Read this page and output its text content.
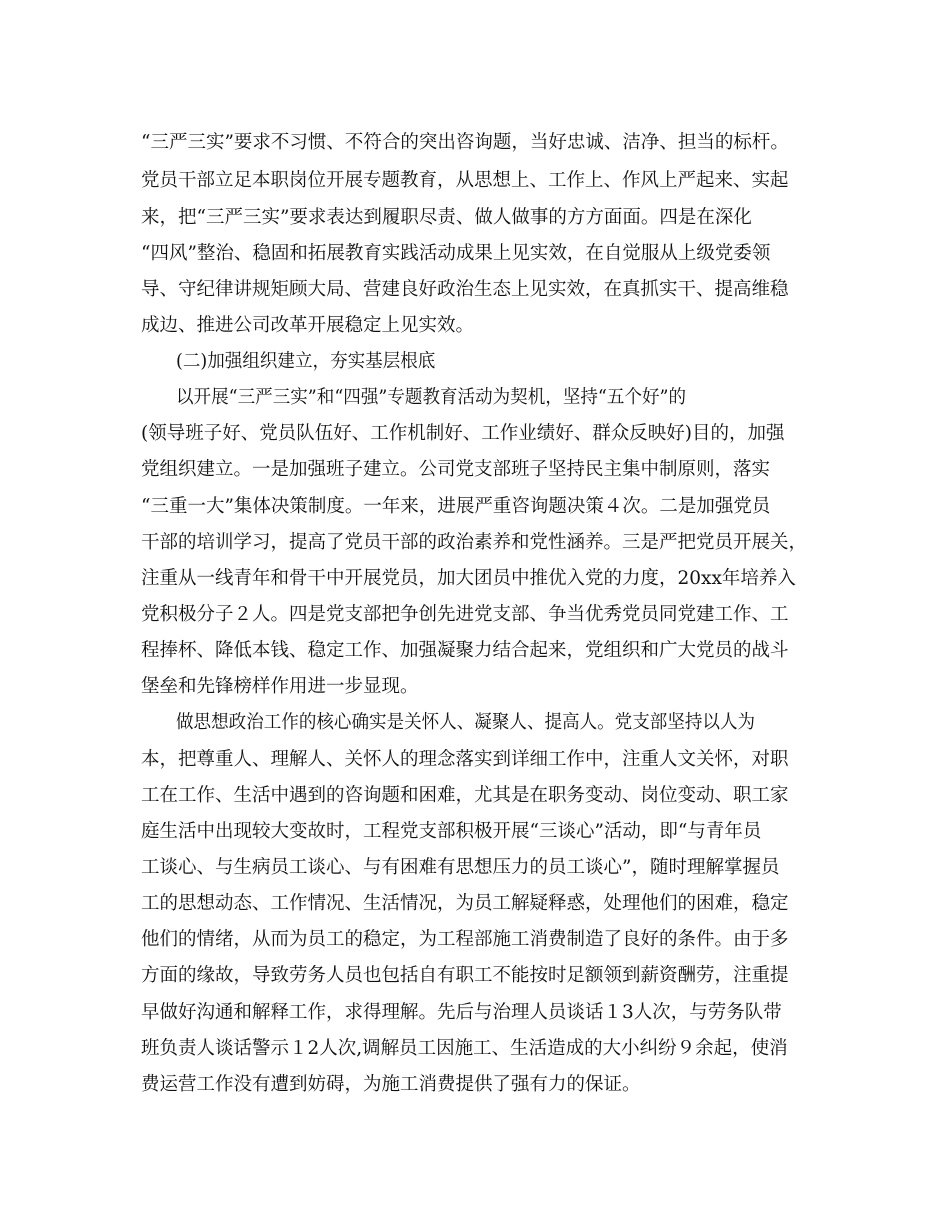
“三严三实”要求不习惯、不符合的突出咨询题，当好忠诚、洁净、担当的标杆。
党员干部立足本职岗位开展专题教育，从思想上、工作上、作风上严起来、实起
来，把“三严三实”要求表达到履职尽责、做人做事的方方面面。四是在深化
“四风”整治、稳固和拓展教育实践活动成果上见实效，在自觉服从上级党委领
导、守纪律讲规矩顾大局、营建良好政治生态上见实效，在真抓实干、提高维稳
成边、推进公司改革开展稳定上见实效。
(二)加强组织建立，夯实基层根底
以开展“三严三实”和“四强”专题教育活动为契机，坚持“五个好”的
(领导班子好、党员队伍好、工作机制好、工作业绩好、群众反映好)目的，加强
党组织建立。一是加强班子建立。公司党支部班子坚持民主集中制原则，落实
“三重一大”集体决策制度。一年来，进展严重咨询题决策４次。二是加强党员
干部的培训学习，提高了党员干部的政治素养和党性涵养。三是严把党员开展关，
注重从一线青年和骨干中开展党员，加大团员中推优入党的力度，20xx年培养入
党积极分子２人。四是党支部把争创先进党支部、争当优秀党员同党建工作、工
程捧杯、降低本钱、稳定工作、加强凝聚力结合起来，党组织和广大党员的战斗
堡垒和先锋榜样作用进一步显现。
做思想政治工作的核心确实是关怀人、凝聚人、提高人。党支部坚持以人为
本，把尊重人、理解人、关怀人的理念落实到详细工作中，注重人文关怀，对职
工在工作、生活中遇到的咨询题和困难，尤其是在职务变动、岗位变动、职工家
庭生活中出现较大变故时，工程党支部积极开展“三谈心”活动，即“与青年员
工谈心、与生病员工谈心、与有困难有思想压力的员工谈心”，随时理解掌握员
工的思想动态、工作情况、生活情况，为员工解疑释惑，处理他们的困难，稳定
他们的情绪，从而为员工的稳定，为工程部施工消费制造了良好的条件。由于多
方面的缘故，导致劳务人员也包括自有职工不能按时足额领到薪资酬劳，注重提
早做好沟通和解释工作，求得理解。先后与治理人员谈话１3人次，与劳务队带
班负责人谈话警示１2人次,调解员工因施工、生活造成的大小纠纷９余起，使消
费运营工作没有遭到妨碍，为施工消费提供了强有力的保证。
